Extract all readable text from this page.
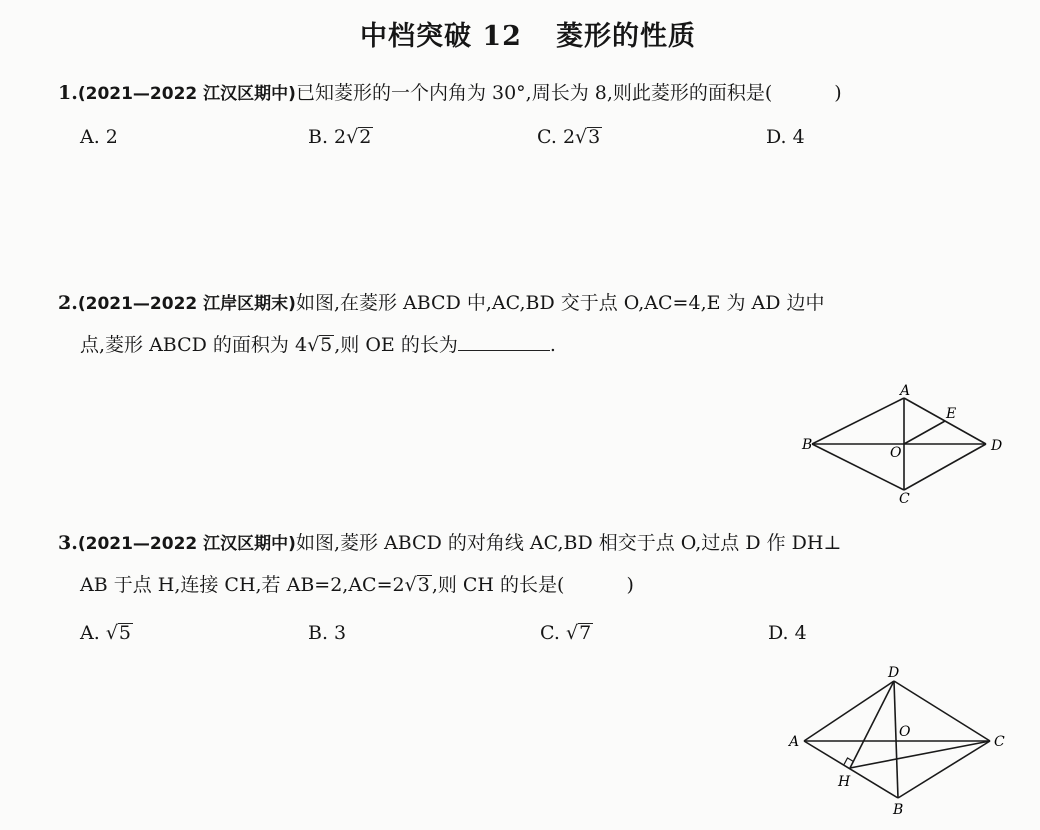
中档突破 12 菱形的性质
1.(2021—2022 江汉区期中)已知菱形的一个内角为 30°,周长为 8,则此菱形的面积是(	)
A. 2	B. 2√2	C. 2√3	D. 4
2.(2021—2022 江岸区期末)如图,在菱形 ABCD 中,AC,BD 交于点 O,AC=4,E 为 AD 边中
点,菱形 ABCD 的面积为 4√5 ,则 OE 的长为	.
A
B
C
D
E
O
3.(2021—2022 江汉区期中)如图,菱形 ABCD 的对角线 AC,BD 相交于点 O,过点 D 作 DH⊥
AB 于点 H,连接 CH,若 AB=2,AC=2√3 ,则 CH 的长是(	)
A. √5	B. 3	C. √7	D. 4
D
A	C
B
H
O
